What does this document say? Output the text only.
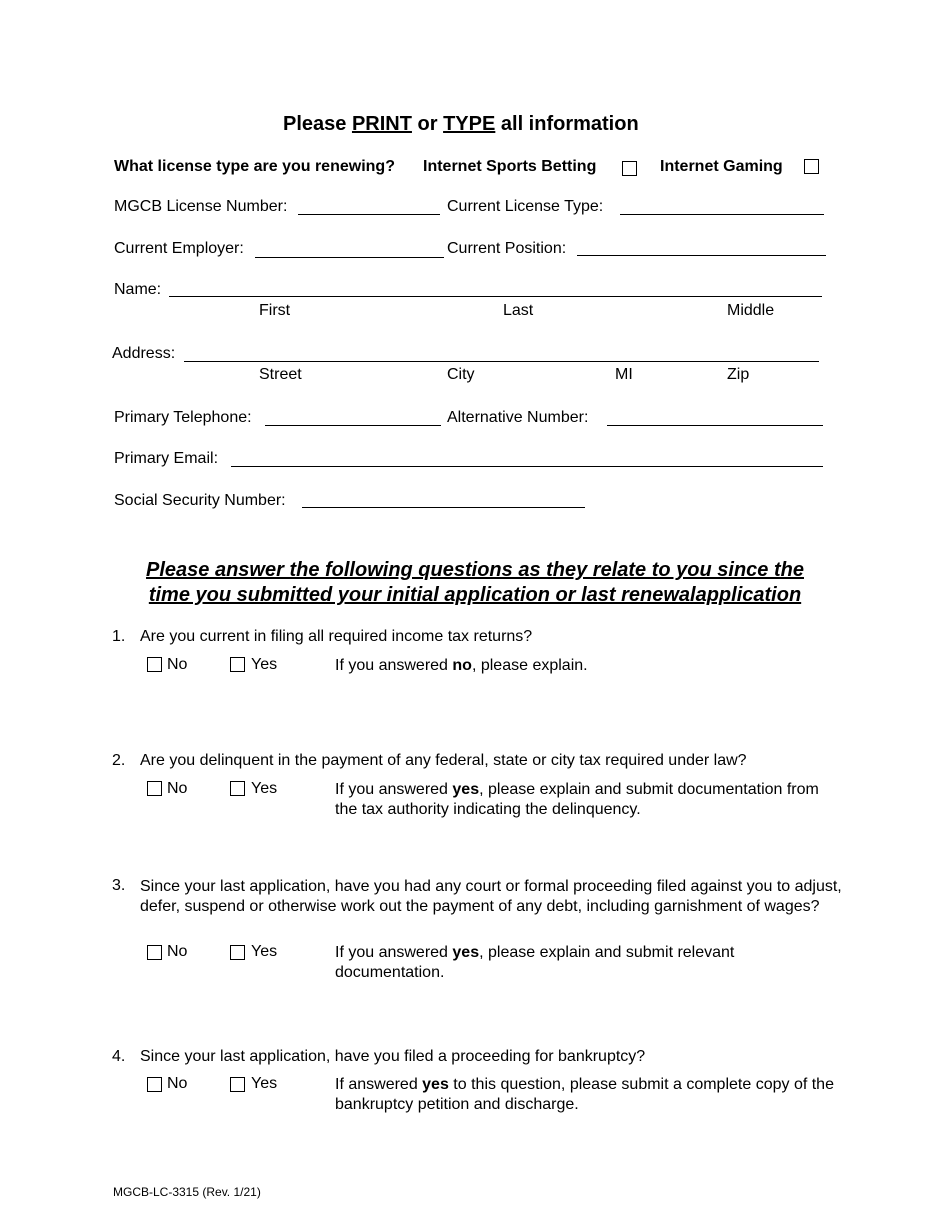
Please PRINT or TYPE all information
What license type are you renewing? Internet Sports Betting	Internet Gaming
MGCB License Number:	Current License Type:
Current Employer:	Current Position:
Name:
First	Last	Middle
Address:
Street	City	MI	Zip
Primary Telephone:	Alternative Number:
Primary Email:
Social Security Number:
Please answer the following questions as they relate to you since the
time you submitted your initial application or last renewalapplication
1. Are you current in filing all required income tax returns?
No	Yes	If you answered no, please explain.
2. Are you delinquent in the payment of any federal, state or city tax required under law?
No	Yes	If you answered yes, please explain and submit documentation from the tax authority indicating the delinquency.
3. Since your last application, have you had any court or formal proceeding filed against you to adjust, defer, suspend or otherwise work out the payment of any debt, including garnishment of wages?
No	Yes	If you answered yes, please explain and submit relevant documentation.
4. Since your last application, have you filed a proceeding for bankruptcy?
No	Yes	If answered yes to this question, please submit a complete copy of the bankruptcy petition and discharge.
MGCB-LC-3315 (Rev. 1/21)
